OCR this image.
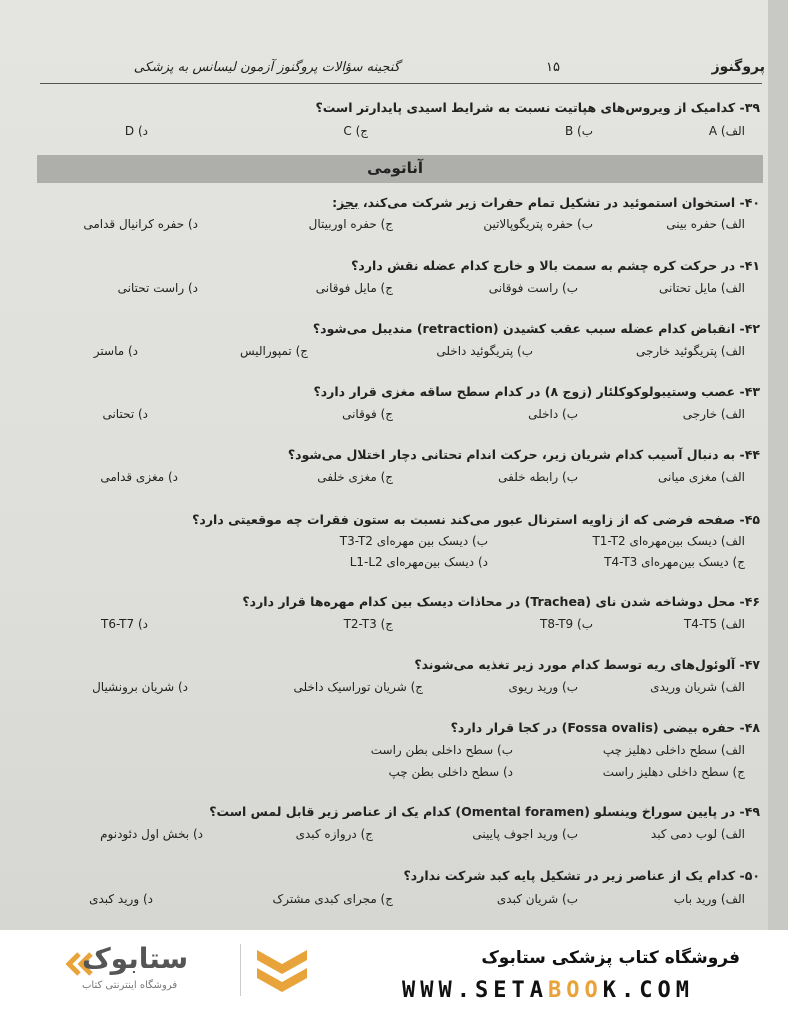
پروگنوز
۱۵
گنجینه سؤالات پروگنوز آزمون لیسانس به پزشکی
۳۹- کدامیک از ویروس‌های هپاتیت نسبت به شرایط اسیدی پایدارتر است؟
الف) A
ب) B
ج) C
د) D
آناتومی
۴۰- استخوان استموئید در تشکیل تمام حفرات زیر شرکت می‌کند، بجز:
الف) حفره بینی
ب) حفره پتریگوپالاتین
ج) حفره اوربیتال
د) حفره کرانیال قدامی
۴۱- در حرکت کره چشم به سمت بالا و خارج کدام عضله نقش دارد؟
الف) مایل تحتانی
ب) راست فوقانی
ج) مایل فوقانی
د) راست تحتانی
۴۲- انقباض کدام عضله سبب عقب کشیدن (retraction) مندیبل می‌شود؟
الف) پتریگوئید خارجی
ب) پتریگوئید داخلی
ج) تمپورالیس
د) ماستر
۴۳- عصب وستیبولوکوکلئار (زوج ۸) در کدام سطح ساقه مغزی قرار دارد؟
الف) خارجی
ب) داخلی
ج) فوقانی
د) تحتانی
۴۴- به دنبال آسیب کدام شریان زیر، حرکت اندام تحتانی دچار اختلال می‌شود؟
الف) مغزی میانی
ب) رابطه خلفی
ج) مغزی خلفی
د) مغزی قدامی
۴۵- صفحه فرضی که از زاویه استرنال عبور می‌کند نسبت به ستون فقرات چه موقعیتی دارد؟
الف) دیسک بین‌مهره‌ای T1-T2
ب) دیسک بین مهره‌ای T3-T2
ج) دیسک بین‌مهره‌ای T4-T3
د) دیسک بین‌مهره‌ای L1-L2
۴۶- محل دوشاخه شدن نای (Trachea) در محاذات دیسک بین کدام مهره‌ها قرار دارد؟
الف) T4-T5
ب) T8-T9
ج) T2-T3
د) T6-T7
۴۷- آلوئول‌های ریه توسط کدام مورد زیر تغذیه می‌شوند؟
الف) شریان وریدی
ب) ورید ریوی
ج) شریان توراسیک داخلی
د) شریان برونشیال
۴۸- حفره بیضی (Fossa ovalis) در کجا قرار دارد؟
الف) سطح داخلی دهلیز چپ
ب) سطح داخلی بطن راست
ج) سطح داخلی دهلیز راست
د) سطح داخلی بطن چپ
۴۹- در پایین سوراخ وینسلو (Omental foramen) کدام یک از عناصر زیر قابل لمس است؟
الف) لوب دمی کبد
ب) ورید اجوف پایینی
ج) دروازه کبدی
د) بخش اول دئودنوم
۵۰- کدام یک از عناصر زیر در تشکیل پایه کبد شرکت ندارد؟
الف) ورید باب
ب) شریان کبدی
ج) مجرای کبدی مشترک
د) ورید کبدی
فروشگاه کتاب پزشکی ستابوک
WWW.SETABOOK.COM
ستابوک
فروشگاه اینترنتی کتاب
